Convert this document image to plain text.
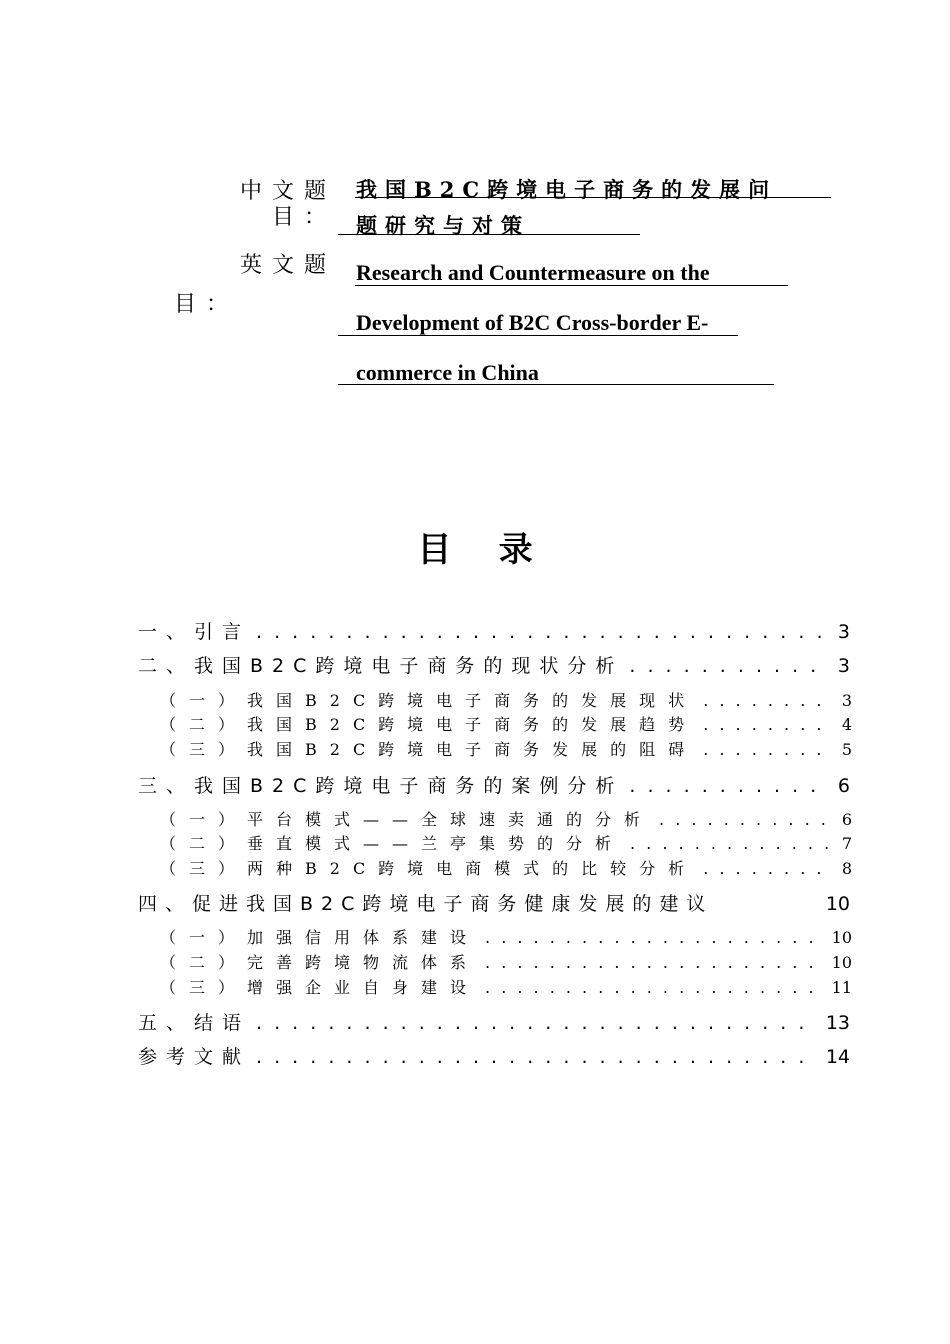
中文题
目：
我国B2C跨境电子商务的发展问
题研究与对策
英文题
目：
Research and Countermeasure on the
Development of B2C Cross-border E-
commerce in China
目    录
一、引言 . . .	3
二、我国B2C跨境电子商务的现状分析 . . .	3
（一）我国B2C跨境电子商务的发展现状 . . .	3
（二）我国B2C跨境电子商务的发展趋势 . . .	4
（三）我国B2C跨境电子商务发展的阻碍 . . .	5
三、我国B2C跨境电子商务的案例分析 . . .	6
（一）平台模式——全球速卖通的分析 . . .	6
（二）垂直模式——兰亭集势的分析 . . .	7
（三）两种B2C跨境电商模式的比较分析 . . .	8
四、促进我国B2C跨境电子商务健康发展的建议	10
（一）加强信用体系建设 . . .	10
（二）完善跨境物流体系 . . .	10
（三）增强企业自身建设 . . .	11
五、结语 . . .	13
参考文献 . . .	14
